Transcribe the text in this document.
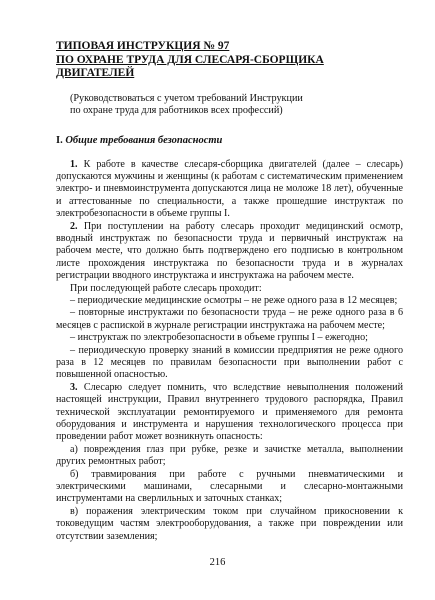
ТИПОВАЯ ИНСТРУКЦИЯ № 97
ПО ОХРАНЕ ТРУДА ДЛЯ СЛЕСАРЯ-СБОРЩИКА
ДВИГАТЕЛЕЙ
(Руководствоваться с учетом требований Инструкции
по охране труда для работников всех профессий)
I. Общие требования безопасности

1. К работе в качестве слесаря-сборщика двигателей (далее – слесарь) допускаются мужчины и женщины (к работам с систематическим применением электро- и пневмоинструмента допускаются лица не моложе 18 лет), обученные и аттестованные по специальности, а также прошедшие инструктаж по электробезопасности в объеме группы I.

2. При поступлении на работу слесарь проходит медицинский осмотр, вводный инструктаж по безопасности труда и первичный инструктаж на рабочем месте, что должно быть подтверждено его подписью в контрольном листе прохождения инструктажа по безопасности труда и в журналах регистрации вводного инструктажа и инструктажа на рабочем месте.

При последующей работе слесарь проходит:

– периодические медицинские осмотры – не реже одного раза в 12 месяцев;

– повторные инструктажи по безопасности труда – не реже одного раза в 6 месяцев с распиской в журнале регистрации инструктажа на рабочем месте;

– инструктаж по электробезопасности в объеме группы I – ежегодно;

– периодическую проверку знаний в комиссии предприятия не реже одного раза в 12 месяцев по правилам безопасности при выполнении работ с повышенной опасностью.

3. Слесарю следует помнить, что вследствие невыполнения положений настоящей инструкции, Правил внутреннего трудового распорядка, Правил технической эксплуатации ремонтируемого и применяемого для ремонта оборудования и инструмента и нарушения технологического процесса при проведении работ может возникнуть опасность:

а) повреждения глаз при рубке, резке и зачистке металла, выполнении других ремонтных работ;

б) травмирования при работе с ручными пневматическими и электрическими машинами, слесарными и слесарно-монтажными инструментами на сверлильных и заточных станках;

в) поражения электрическим током при случайном прикосновении к токоведущим частям электрооборудования, а также при повреждении или отсутствии заземления;

216
